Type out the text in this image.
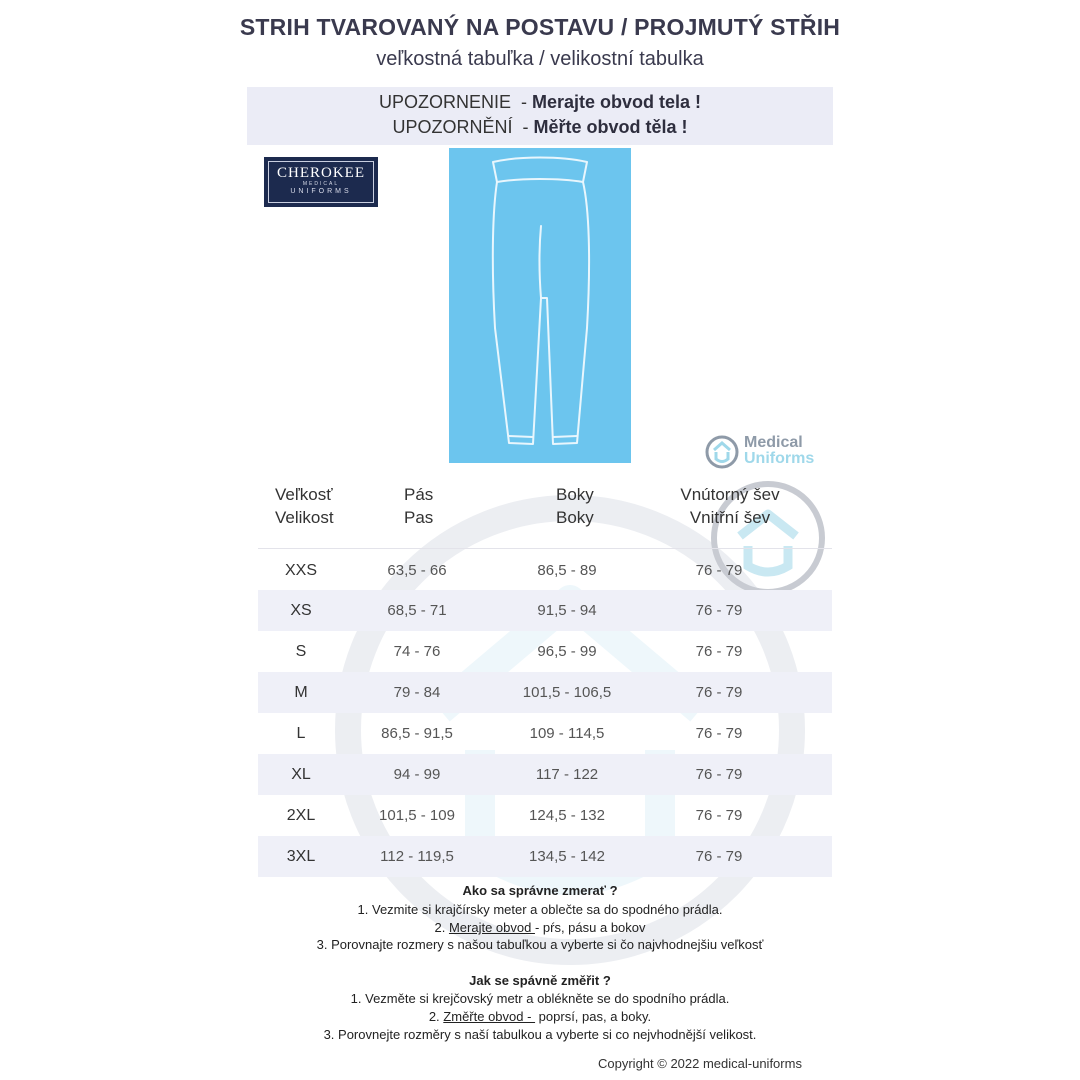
STRIH TVAROVANÝ NA POSTAVU / PROJMUTÝ STŘIH
veľkostná tabuľka / velikostní tabulka
UPOZORNENIE  - Merajte obvod tela !
UPOZORNĚNÍ  - Měřte obvod těla !
CHEROKEE
MEDICAL
UNIFORMS
Medical
Uniforms
Veľkosť
Velikost
Pás
Pas
Boky
Boky
Vnútorný šev
Vnitřní šev
XXS	63,5 - 66	86,5 - 89	76 - 79
XS	68,5 - 71	91,5 - 94	76 - 79
S	74 - 76	96,5 - 99	76 - 79
M	79 - 84	101,5 - 106,5	76 - 79
L	86,5 - 91,5	109 - 114,5	76 - 79
XL	94 - 99	117 - 122	76 - 79
2XL	101,5 - 109	124,5 - 132	76 - 79
3XL	112 - 119,5	134,5 - 142	76 - 79
Ako sa správne zmerať ?
1. Vezmite si krajčírsky meter a oblečte sa do spodného prádla.
2. Merajte obvod - pŕs, pásu a bokov
3. Porovnajte rozmery s našou tabuľkou a vyberte si čo najvhodnejšiu veľkosť
Jak se spávně změřit ?
1. Vezměte si krejčovský metr a oblékněte se do spodního prádla.
2. Změřte obvod -  poprsí, pas, a boky.
3. Porovnejte rozměry s naší tabulkou a vyberte si co nejvhodnější velikost.
Copyright © 2022 medical-uniforms
